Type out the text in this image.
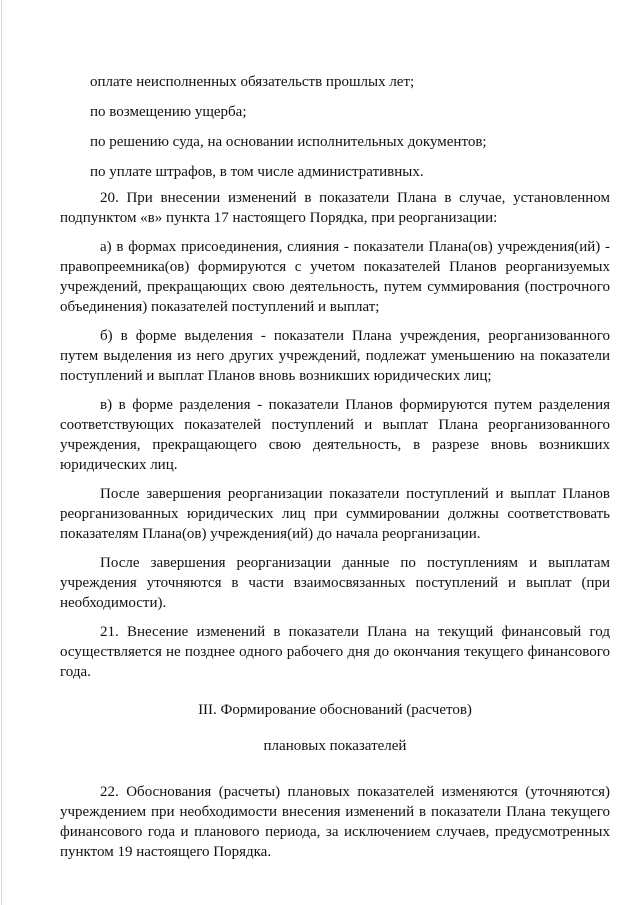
оплате неисполненных обязательств прошлых лет;

по возмещению ущерба;

по решению суда, на основании исполнительных документов;

по уплате штрафов, в том числе административных.

20. При внесении изменений в показатели Плана в случае, установленном подпунктом «в» пункта 17 настоящего Порядка, при реорганизации:

а) в формах присоединения, слияния - показатели Плана(ов) учреждения(ий) - правопреемника(ов) формируются с учетом показателей Планов реорганизуемых учреждений, прекращающих свою деятельность, путем суммирования (построчного объединения) показателей поступлений и выплат;

б) в форме выделения - показатели Плана учреждения, реорганизованного путем выделения из него других учреждений, подлежат уменьшению на показатели поступлений и выплат Планов вновь возникших юридических лиц;

в) в форме разделения - показатели Планов формируются путем разделения соответствующих показателей поступлений и выплат Плана реорганизованного учреждения, прекращающего свою деятельность, в разрезе вновь возникших юридических лиц.

После завершения реорганизации показатели поступлений и выплат Планов реорганизованных юридических лиц при суммировании должны соответствовать показателям Плана(ов) учреждения(ий) до начала реорганизации.

После завершения реорганизации данные по поступлениям и выплатам учреждения уточняются в части взаимосвязанных поступлений и выплат (при необходимости).

21. Внесение изменений в показатели Плана на текущий финансовый год осуществляется не позднее одного рабочего дня до окончания текущего финансового года.

III. Формирование обоснований (расчетов)

плановых показателей

22. Обоснования (расчеты) плановых показателей изменяются (уточняются) учреждением при необходимости внесения изменений в показатели Плана текущего финансового года и планового периода, за исключением случаев, предусмотренных пунктом 19 настоящего Порядка.
